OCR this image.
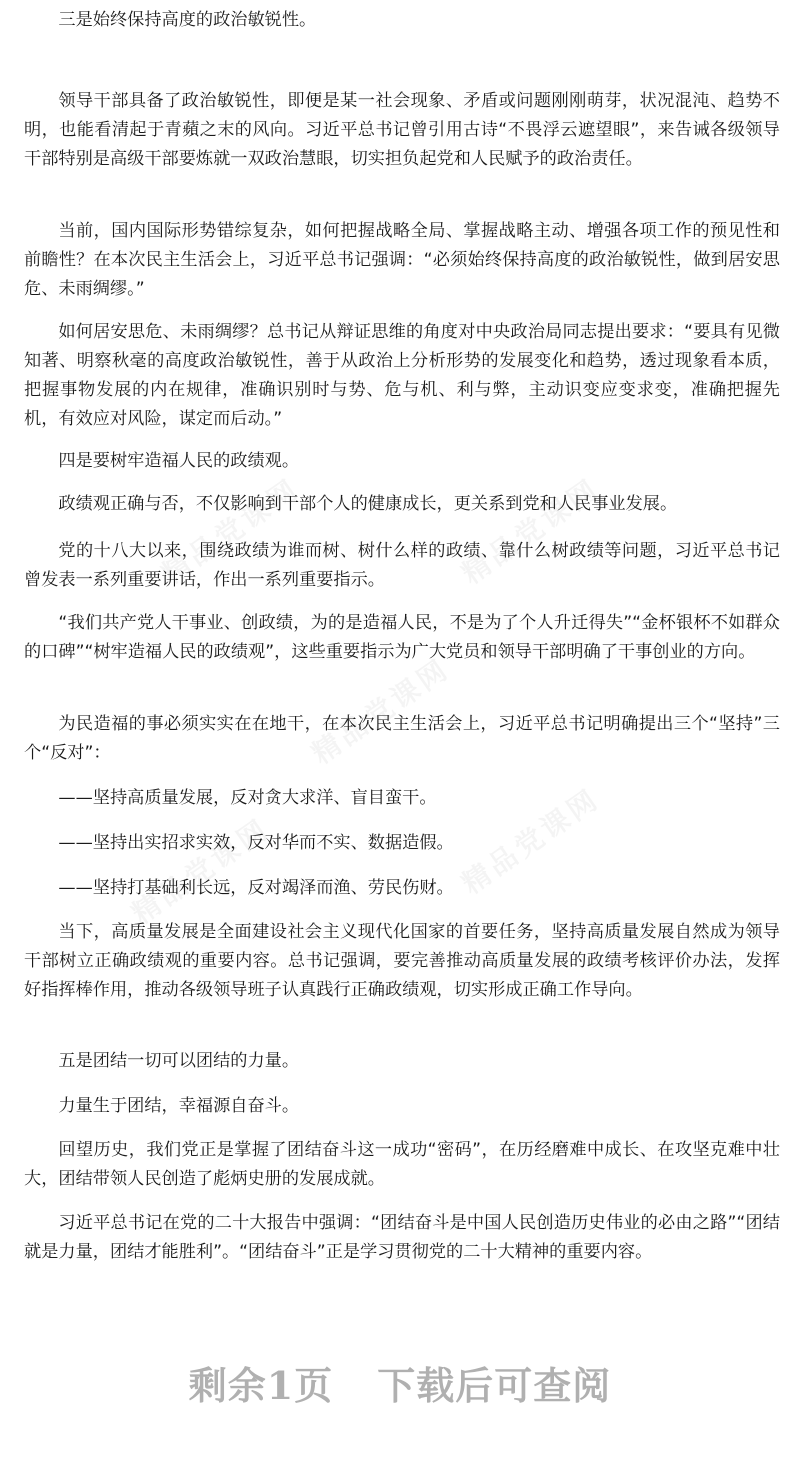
三是始终保持高度的政治敏锐性。

领导干部具备了政治敏锐性，即便是某一社会现象、矛盾或问题刚刚萌芽，状况混沌、趋势不明，也能看清起于青蘋之末的风向。习近平总书记曾引用古诗“不畏浮云遮望眼”，来告诫各级领导干部特别是高级干部要炼就一双政治慧眼，切实担负起党和人民赋予的政治责任。

当前，国内国际形势错综复杂，如何把握战略全局、掌握战略主动、增强各项工作的预见性和前瞻性？在本次民主生活会上，习近平总书记强调：“必须始终保持高度的政治敏锐性，做到居安思危、未雨绸缪。”

如何居安思危、未雨绸缪？总书记从辩证思维的角度对中央政治局同志提出要求：“要具有见微知著、明察秋毫的高度政治敏锐性，善于从政治上分析形势的发展变化和趋势，透过现象看本质，把握事物发展的内在规律，准确识别时与势、危与机、利与弊，主动识变应变求变，准确把握先机，有效应对风险，谋定而后动。”

四是要树牢造福人民的政绩观。

政绩观正确与否，不仅影响到干部个人的健康成长，更关系到党和人民事业发展。

党的十八大以来，围绕政绩为谁而树、树什么样的政绩、靠什么树政绩等问题，习近平总书记曾发表一系列重要讲话，作出一系列重要指示。

“我们共产党人干事业、创政绩，为的是造福人民，不是为了个人升迁得失”“金杯银杯不如群众的口碑”“树牢造福人民的政绩观”，这些重要指示为广大党员和领导干部明确了干事创业的方向。

为民造福的事必须实实在在地干，在本次民主生活会上，习近平总书记明确提出三个“坚持”三个“反对”：

——坚持高质量发展，反对贪大求洋、盲目蛮干。

——坚持出实招求实效，反对华而不实、数据造假。

——坚持打基础利长远，反对竭泽而渔、劳民伤财。

当下，高质量发展是全面建设社会主义现代化国家的首要任务，坚持高质量发展自然成为领导干部树立正确政绩观的重要内容。总书记强调，要完善推动高质量发展的政绩考核评价办法，发挥好指挥棒作用，推动各级领导班子认真践行正确政绩观，切实形成正确工作导向。

五是团结一切可以团结的力量。

力量生于团结，幸福源自奋斗。

回望历史，我们党正是掌握了团结奋斗这一成功“密码”，在历经磨难中成长、在攻坚克难中壮大，团结带领人民创造了彪炳史册的发展成就。

习近平总书记在党的二十大报告中强调：“团结奋斗是中国人民创造历史伟业的必由之路”“团结就是力量，团结才能胜利”。“团结奋斗”正是学习贯彻党的二十大精神的重要内容。

剩余1页 下载后可查阅
